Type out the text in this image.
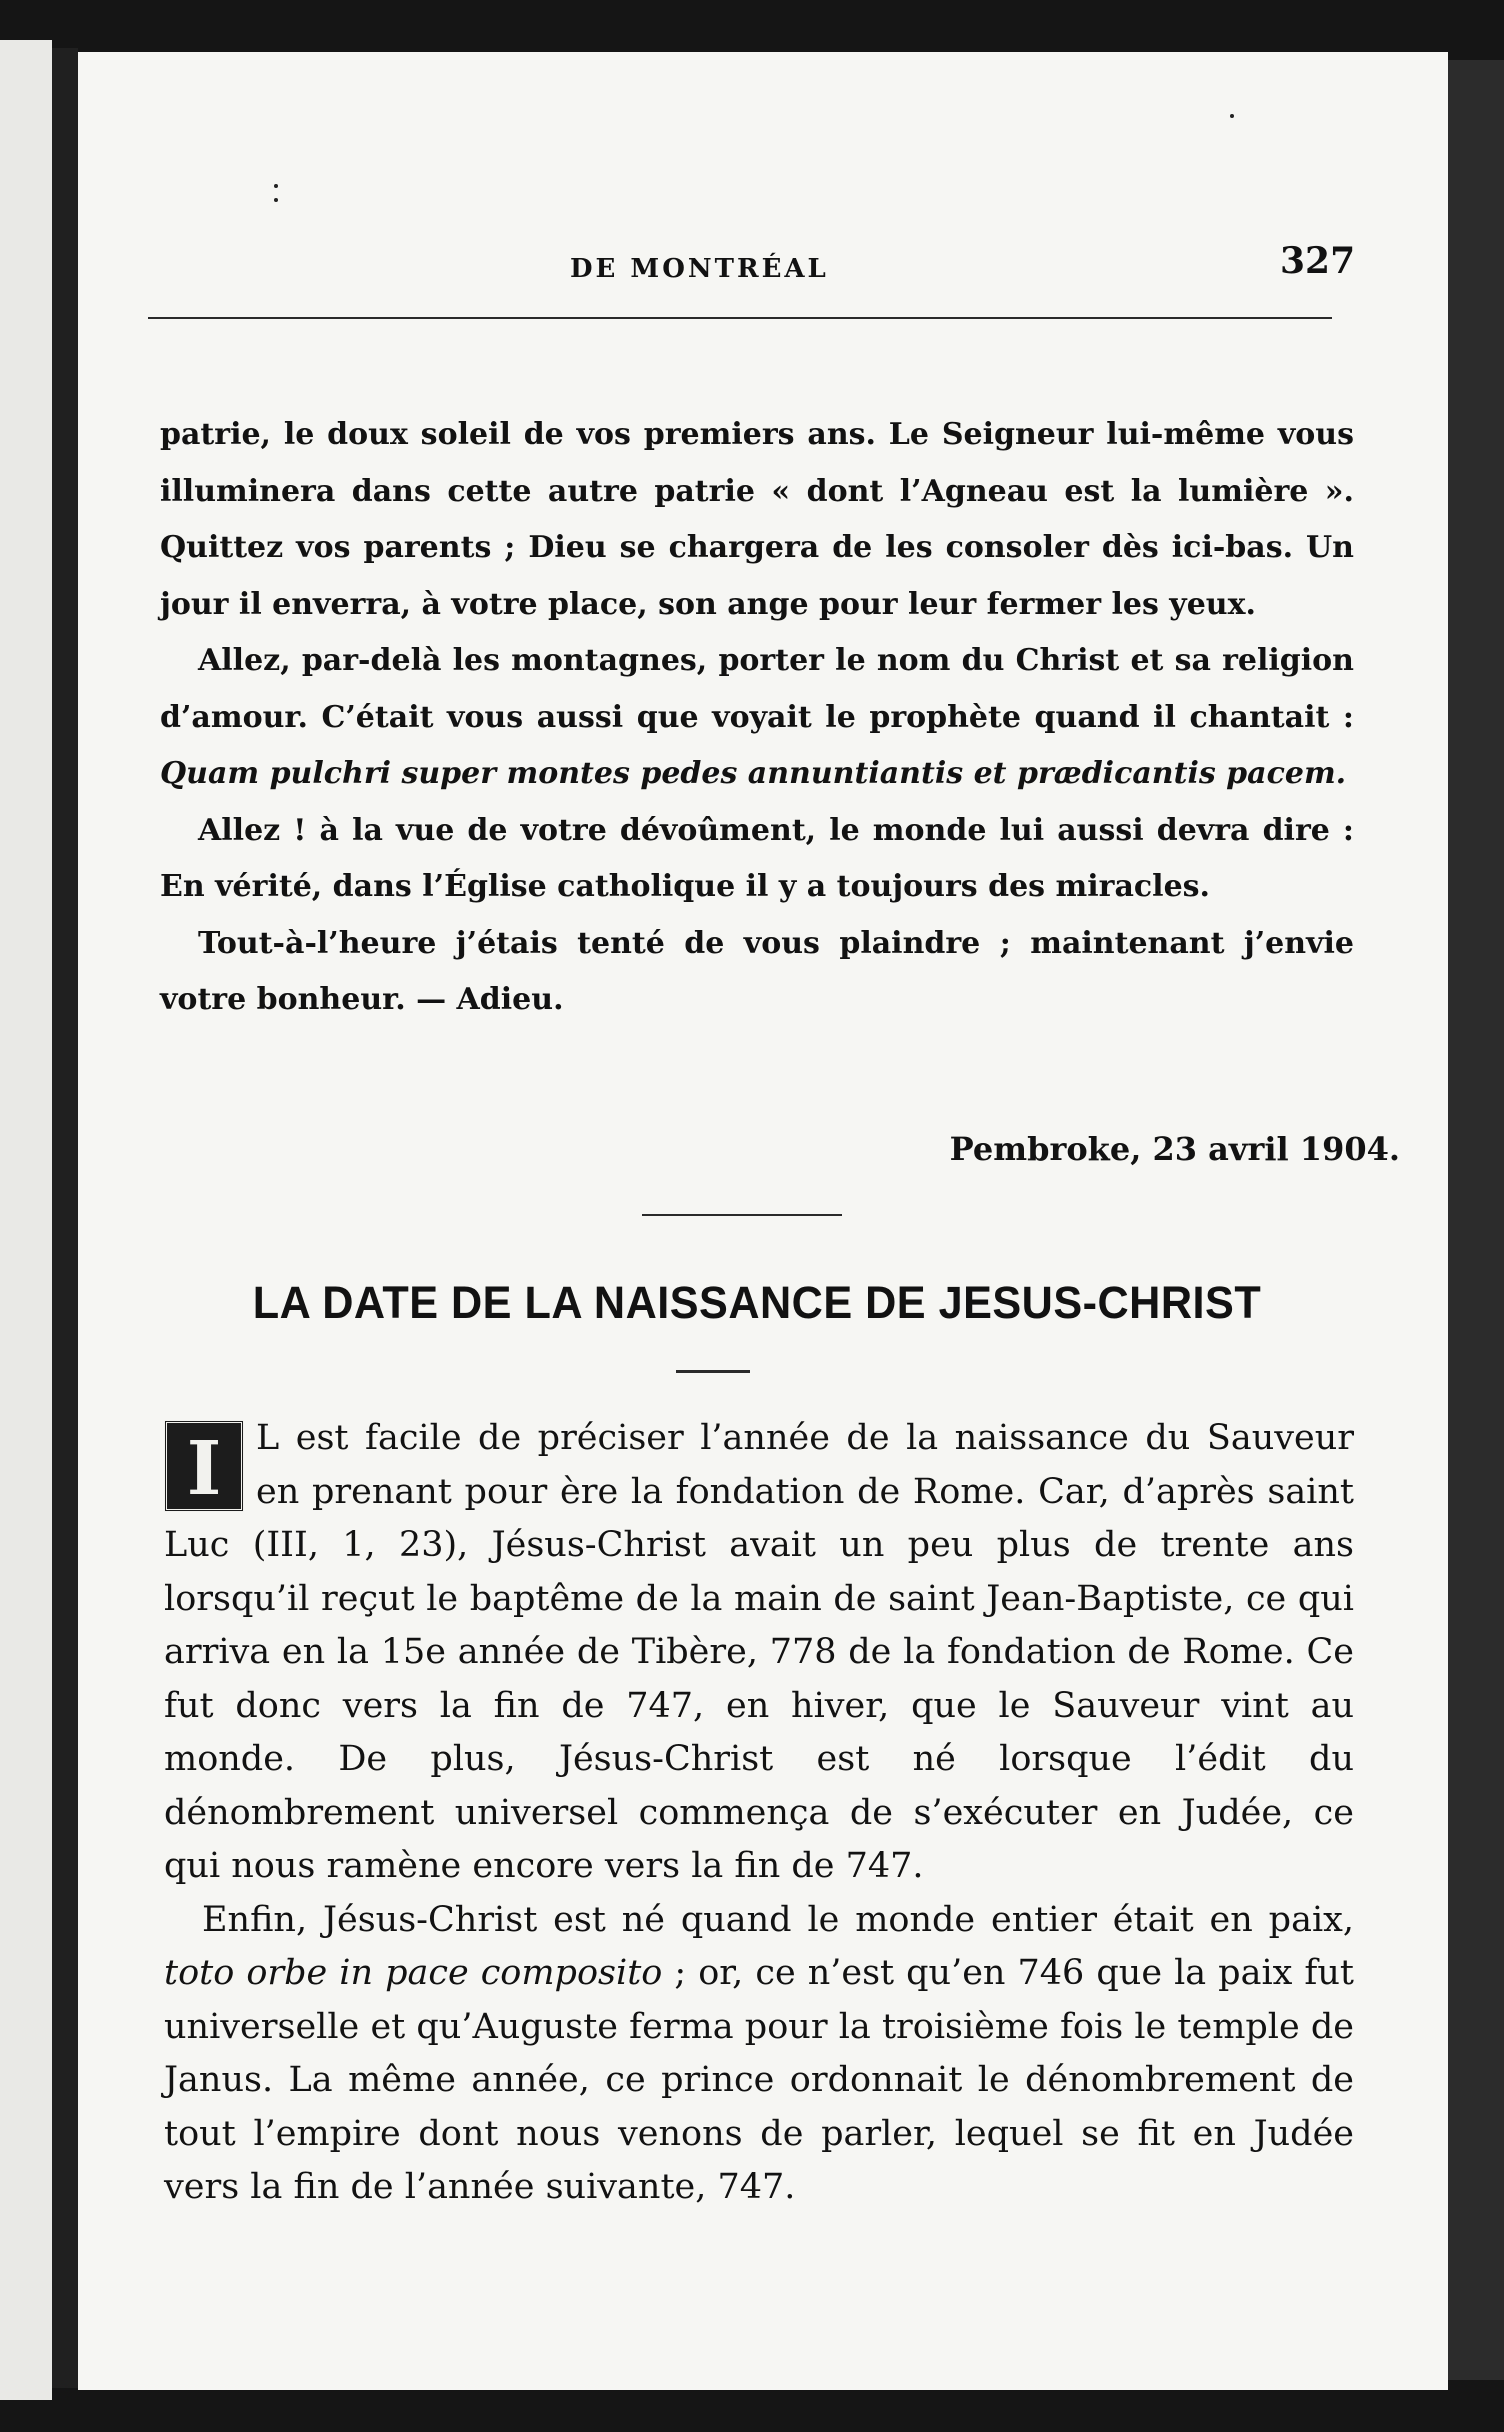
DE MONTRÉAL	327

patrie, le doux soleil de vos premiers ans. Le Seigneur lui-même vous illuminera dans cette autre patrie « dont l’Agneau est la lumière ». Quittez vos parents ; Dieu se chargera de les consoler dès ici-bas. Un jour il enverra, à votre place, son ange pour leur fermer les yeux.

Allez, par-delà les montagnes, porter le nom du Christ et sa religion d’amour. C’était vous aussi que voyait le prophète quand il chantait : Quam pulchri super montes pedes annuntiantis et prædicantis pacem.

Allez ! à la vue de votre dévoûment, le monde lui aussi devra dire : En vérité, dans l’Église catholique il y a toujours des miracles.

Tout-à-l’heure j’étais tenté de vous plaindre ; maintenant j’envie votre bonheur. — Adieu.

Pembroke, 23 avril 1904.
LA DATE DE LA NAISSANCE DE JESUS-CHRIST
I L est facile de préciser l’année de la naissance du Sauveur en prenant pour ère la fondation de Rome. Car, d’après saint Luc (III, 1, 23), Jésus-Christ avait un peu plus de trente ans lorsqu’il reçut le baptême de la main de saint Jean-Baptiste, ce qui arriva en la 15e année de Tibère, 778 de la fondation de Rome. Ce fut donc vers la fin de 747, en hiver, que le Sauveur vint au monde. De plus, Jésus-Christ est né lorsque l’édit du dénombrement universel commença de s’exécuter en Judée, ce qui nous ramène encore vers la fin de 747.

Enfin, Jésus-Christ est né quand le monde entier était en paix, toto orbe in pace composito ; or, ce n’est qu’en 746 que la paix fut universelle et qu’Auguste ferma pour la troisième fois le temple de Janus. La même année, ce prince ordonnait le dénombrement de tout l’empire dont nous venons de parler, lequel se fit en Judée vers la fin de l’année suivante, 747.
